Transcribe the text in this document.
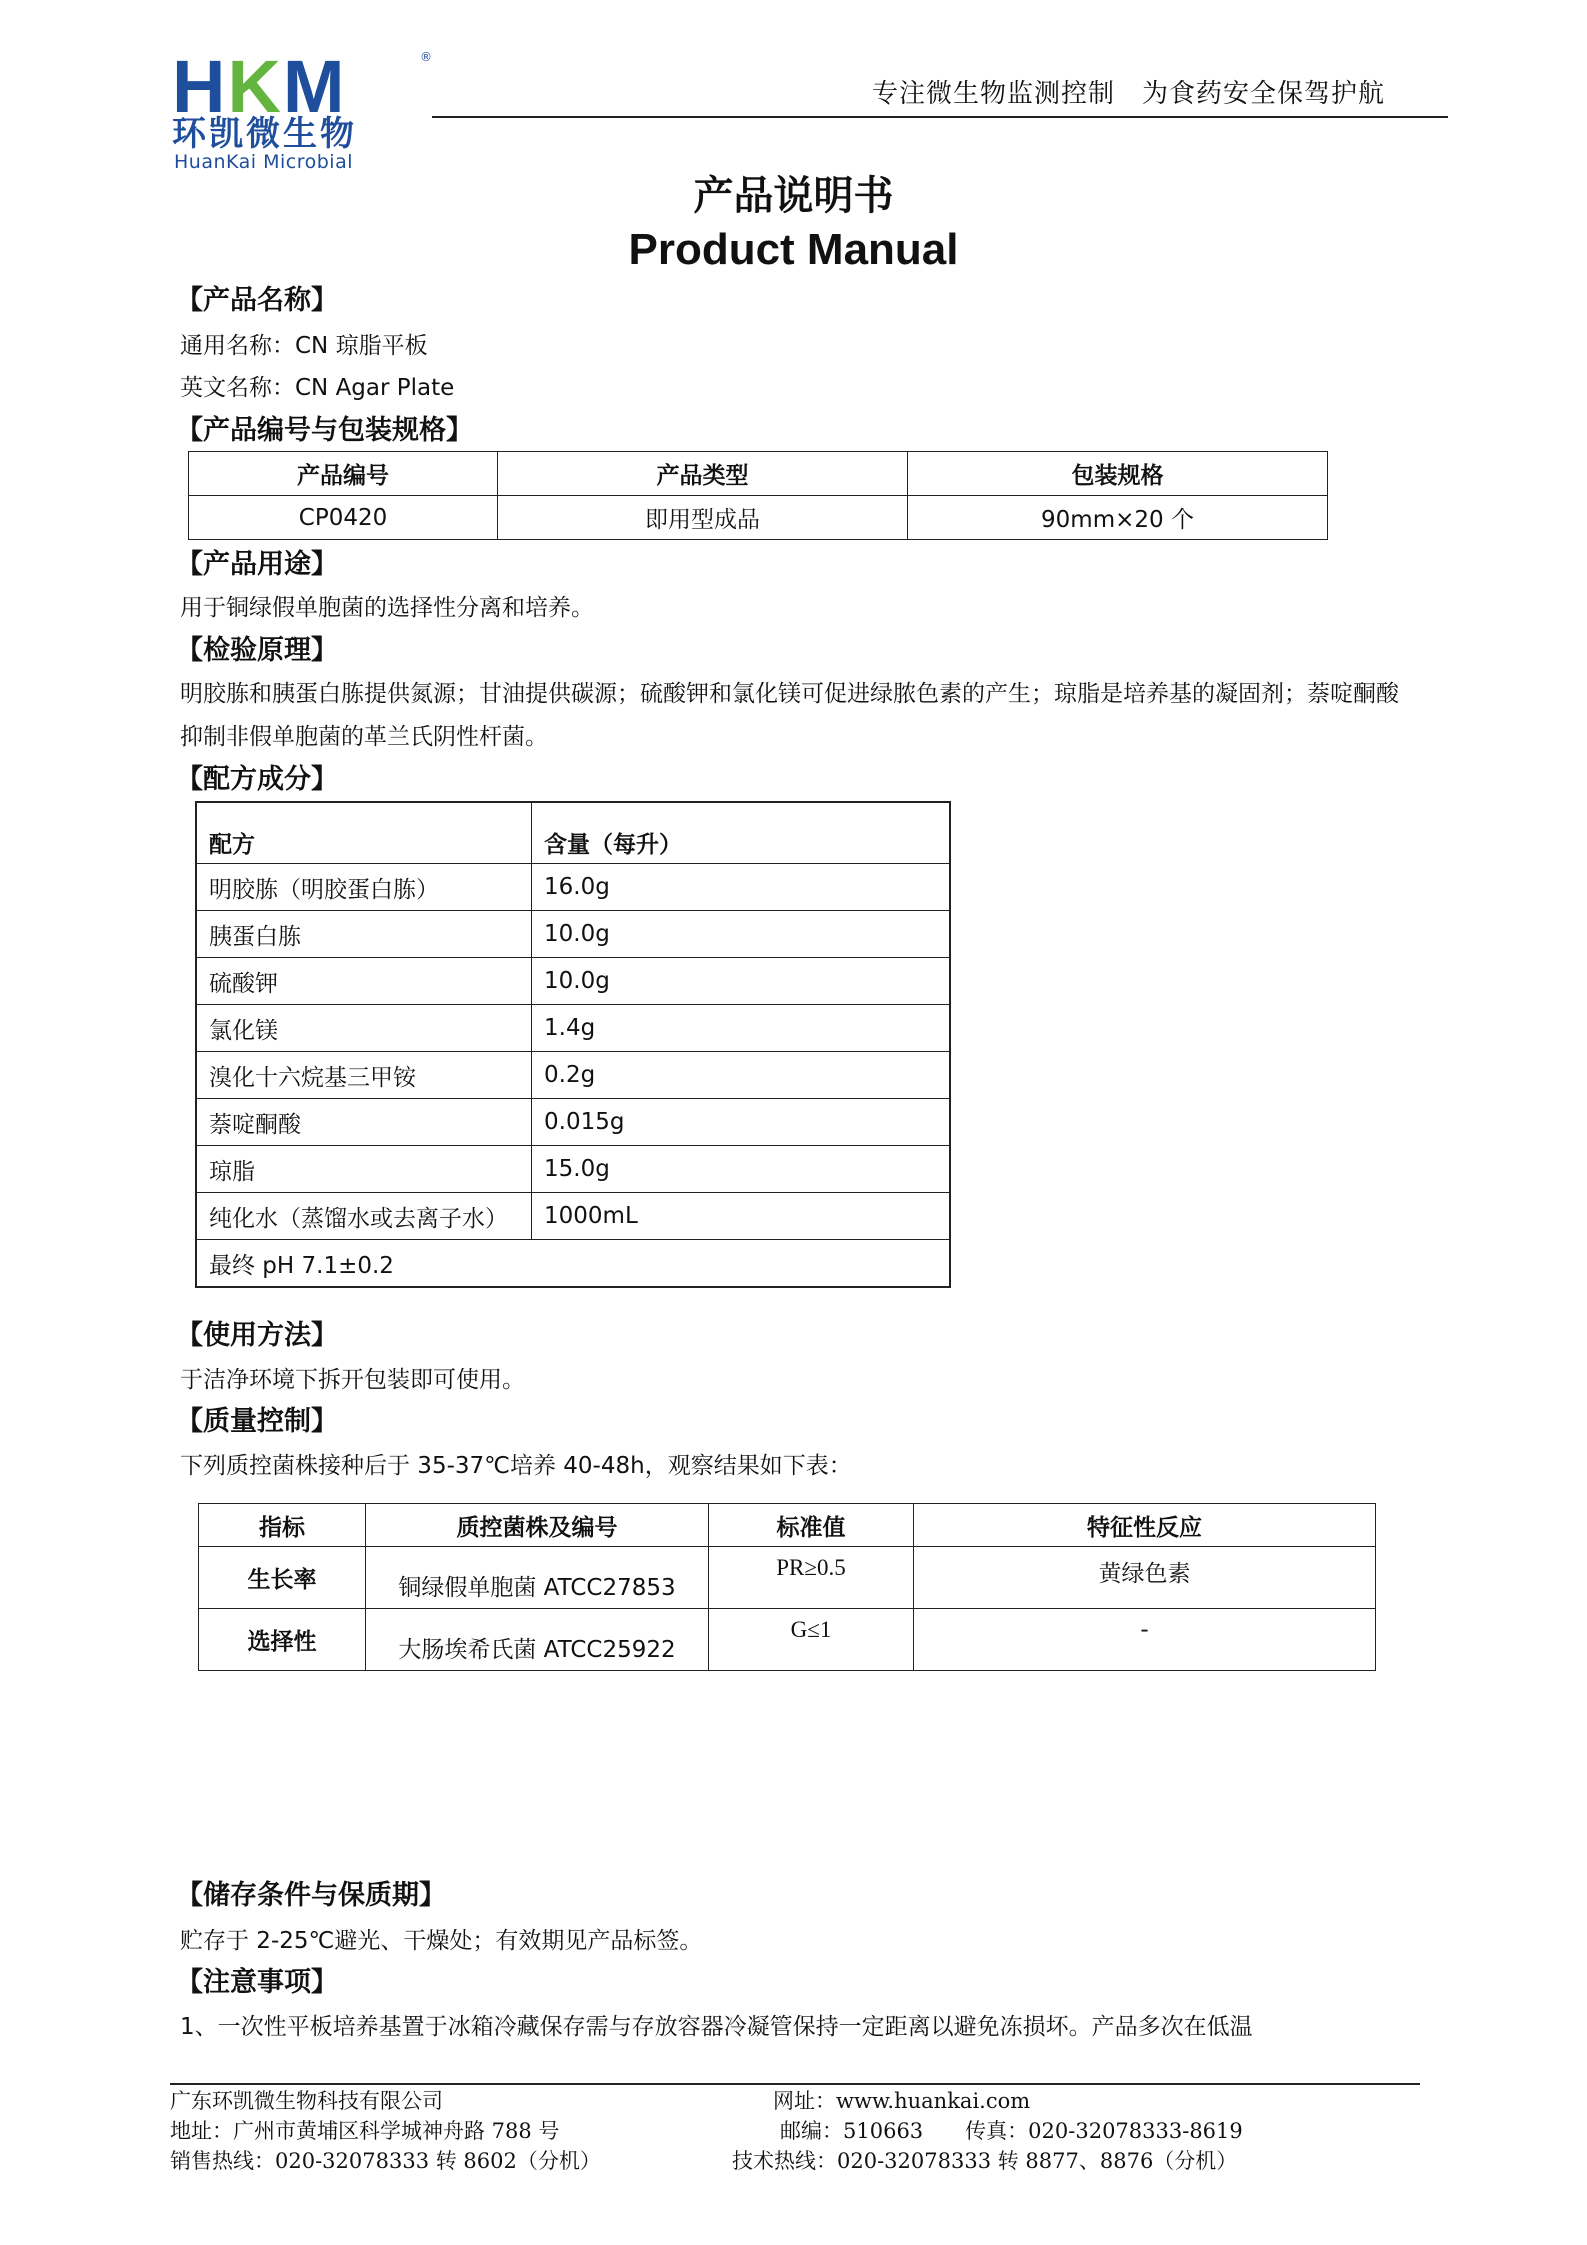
HKM	®
环凯微生物
HuanKai Microbial
专注微生物监测控制　为食药安全保驾护航
产品说明书
Product Manual
【产品名称】
通用名称：CN 琼脂平板
英文名称：CN Agar Plate
【产品编号与包装规格】
产品编号	产品类型	包装规格
CP0420	即用型成品	90mm×20 个
【产品用途】
用于铜绿假单胞菌的选择性分离和培养。
【检验原理】
明胶胨和胰蛋白胨提供氮源；甘油提供碳源；硫酸钾和氯化镁可促进绿脓色素的产生；琼脂是培养基的凝固剂；萘啶酮酸
抑制非假单胞菌的革兰氏阴性杆菌。
【配方成分】
配方	含量（每升）
明胶胨（明胶蛋白胨）	16.0g
胰蛋白胨	10.0g
硫酸钾	10.0g
氯化镁	1.4g
溴化十六烷基三甲铵	0.2g
萘啶酮酸	0.015g
琼脂	15.0g
纯化水（蒸馏水或去离子水）	1000mL
最终 pH 7.1±0.2	
【使用方法】
于洁净环境下拆开包装即可使用。
【质量控制】
下列质控菌株接种后于 35-37℃培养 40-48h，观察结果如下表：
指标	质控菌株及编号	标准值	特征性反应
生长率	铜绿假单胞菌 ATCC27853	PR≥0.5	黄绿色素
选择性	大肠埃希氏菌 ATCC25922	G≤1	-
【储存条件与保质期】
贮存于 2-25℃避光、干燥处；有效期见产品标签。
【注意事项】
1、一次性平板培养基置于冰箱冷藏保存需与存放容器冷凝管保持一定距离以避免冻损坏。产品多次在低温
广东环凯微生物科技有限公司
地址：广州市黄埔区科学城神舟路 788 号
销售热线：020-32078333 转 8602（分机）
网址：www.huankai.com
邮编：510663　　传真：020-32078333-8619
技术热线：020-32078333 转 8877、8876（分机）
